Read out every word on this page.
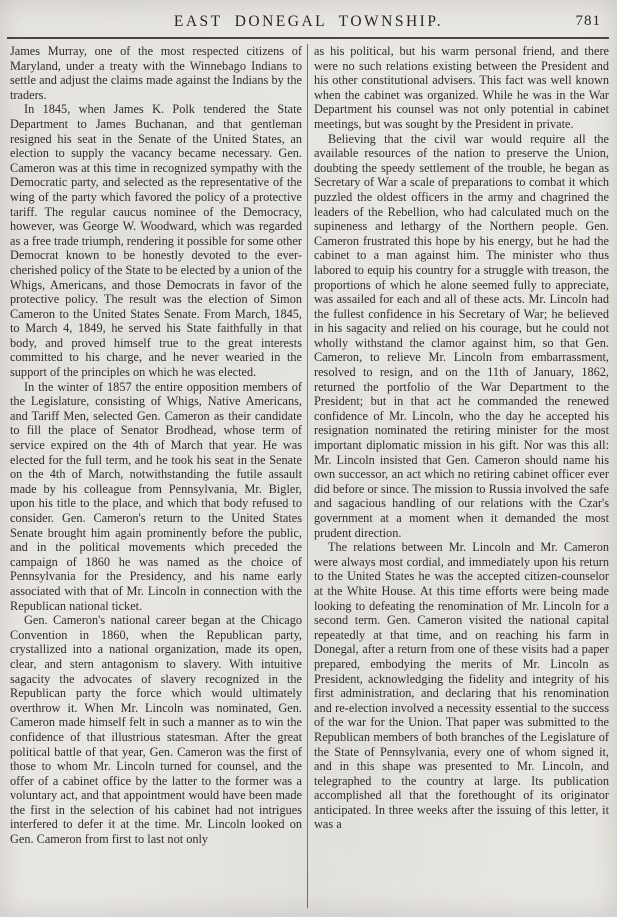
EAST DONEGAL TOWNSHIP.	781

James Murray, one of the most respected citizens of Maryland, under a treaty with the Winnebago Indians to settle and adjust the claims made against the Indians by the traders.

In 1845, when James K. Polk tendered the State Department to James Buchanan, and that gentleman resigned his seat in the Senate of the United States, an election to supply the vacancy became necessary. Gen. Cameron was at this time in recognized sympathy with the Democratic party, and selected as the representative of the wing of the party which favored the policy of a protective tariff. The regular caucus nominee of the Democracy, however, was George W. Woodward, which was regarded as a free trade triumph, rendering it possible for some other Democrat known to be honestly devoted to the ever-cherished policy of the State to be elected by a union of the Whigs, Americans, and those Democrats in favor of the protective policy. The result was the election of Simon Cameron to the United States Senate. From March, 1845, to March 4, 1849, he served his State faithfully in that body, and proved himself true to the great interests committed to his charge, and he never wearied in the support of the principles on which he was elected.

In the winter of 1857 the entire opposition members of the Legislature, consisting of Whigs, Native Americans, and Tariff Men, selected Gen. Cameron as their candidate to fill the place of Senator Brodhead, whose term of service expired on the 4th of March that year. He was elected for the full term, and he took his seat in the Senate on the 4th of March, notwithstanding the futile assault made by his colleague from Pennsylvania, Mr. Bigler, upon his title to the place, and which that body refused to consider. Gen. Cameron's return to the United States Senate brought him again prominently before the public, and in the political movements which preceded the campaign of 1860 he was named as the choice of Pennsylvania for the Presidency, and his name early associated with that of Mr. Lincoln in connection with the Republican national ticket.

Gen. Cameron's national career began at the Chicago Convention in 1860, when the Republican party, crystallized into a national organization, made its open, clear, and stern antagonism to slavery. With intuitive sagacity the advocates of slavery recognized in the Republican party the force which would ultimately overthrow it. When Mr. Lincoln was nominated, Gen. Cameron made himself felt in such a manner as to win the confidence of that illustrious statesman. After the great political battle of that year, Gen. Cameron was the first of those to whom Mr. Lincoln turned for counsel, and the offer of a cabinet office by the latter to the former was a voluntary act, and that appointment would have been made the first in the selection of his cabinet had not intrigues interfered to defer it at the time. Mr. Lincoln looked on Gen. Cameron from first to last not only

as his political, but his warm personal friend, and there were no such relations existing between the President and his other constitutional advisers. This fact was well known when the cabinet was organized. While he was in the War Department his counsel was not only potential in cabinet meetings, but was sought by the President in private.

Believing that the civil war would require all the available resources of the nation to preserve the Union, doubting the speedy settlement of the trouble, he began as Secretary of War a scale of preparations to combat it which puzzled the oldest officers in the army and chagrined the leaders of the Rebellion, who had calculated much on the supineness and lethargy of the Northern people. Gen. Cameron frustrated this hope by his energy, but he had the cabinet to a man against him. The minister who thus labored to equip his country for a struggle with treason, the proportions of which he alone seemed fully to appreciate, was assailed for each and all of these acts. Mr. Lincoln had the fullest confidence in his Secretary of War; he believed in his sagacity and relied on his courage, but he could not wholly withstand the clamor against him, so that Gen. Cameron, to relieve Mr. Lincoln from embarrassment, resolved to resign, and on the 11th of January, 1862, returned the portfolio of the War Department to the President; but in that act he commanded the renewed confidence of Mr. Lincoln, who the day he accepted his resignation nominated the retiring minister for the most important diplomatic mission in his gift. Nor was this all: Mr. Lincoln insisted that Gen. Cameron should name his own successor, an act which no retiring cabinet officer ever did before or since. The mission to Russia involved the safe and sagacious handling of our relations with the Czar's government at a moment when it demanded the most prudent direction.

The relations between Mr. Lincoln and Mr. Cameron were always most cordial, and immediately upon his return to the United States he was the accepted citizen-counselor at the White House. At this time efforts were being made looking to defeating the renomination of Mr. Lincoln for a second term. Gen. Cameron visited the national capital repeatedly at that time, and on reaching his farm in Donegal, after a return from one of these visits had a paper prepared, embodying the merits of Mr. Lincoln as President, acknowledging the fidelity and integrity of his first administration, and declaring that his renomination and re-election involved a necessity essential to the success of the war for the Union. That paper was submitted to the Republican members of both branches of the Legislature of the State of Pennsylvania, every one of whom signed it, and in this shape was presented to Mr. Lincoln, and telegraphed to the country at large. Its publication accomplished all that the forethought of its originator anticipated. In three weeks after the issuing of this letter, it was a
